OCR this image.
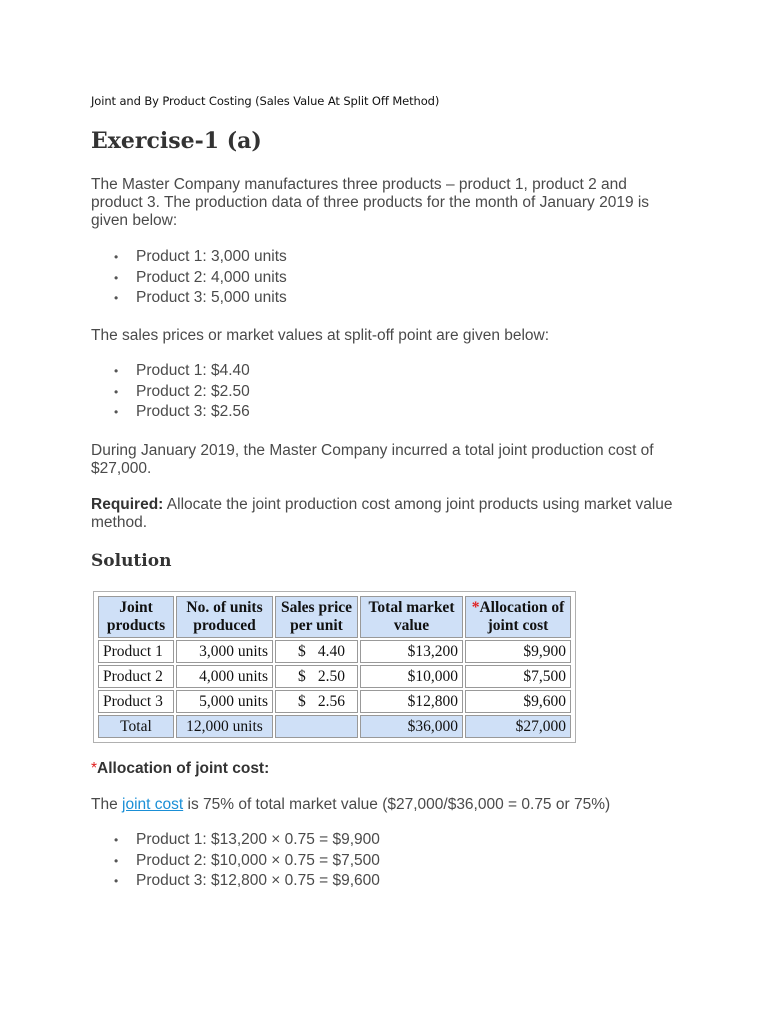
Joint and By Product Costing (Sales Value At Split Off Method)
Exercise-1 (a)

The Master Company manufactures three products – product 1, product 2 and product 3. The production data of three products for the month of January 2019 is given below:

• Product 1: 3,000 units
• Product 2: 4,000 units
• Product 3: 5,000 units

The sales prices or market values at split-off point are given below:

• Product 1: $4.40
• Product 2: $2.50
• Product 3: $2.56

During January 2019, the Master Company incurred a total joint production cost of $27,000.

Required: Allocate the joint production cost among joint products using market value method.

Solution
Joint products	No. of units produced	Sales price per unit	Total market value	*Allocation of joint cost
Product 1	3,000 units	$ 4.40	$13,200	$9,900
Product 2	4,000 units	$ 2.50	$10,000	$7,500
Product 3	5,000 units	$ 2.56	$12,800	$9,600
Total	12,000 units		$36,000	$27,000
*Allocation of joint cost:

The joint cost is 75% of total market value ($27,000/$36,000 = 0.75 or 75%)

• Product 1: $13,200 × 0.75 = $9,900
• Product 2: $10,000 × 0.75 = $7,500
• Product 3: $12,800 × 0.75 = $9,600
